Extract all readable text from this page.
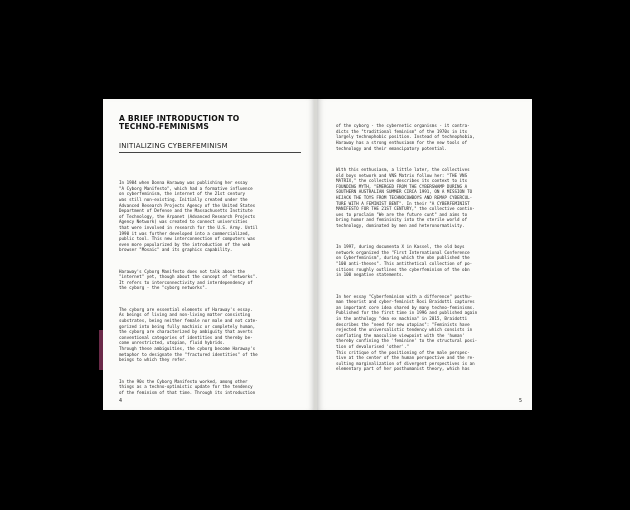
A BRIEF INTRODUCTION TO
TECHNO-FEMINISMS
INITIALIZING CYBERFEMINISM

In 1984 when Donna Haraway was publishing her essay
"A Cyborg Manifesto", which had a formative influence
on cyberfeminism, the internet of the 21st century
was still non-existing. Initially created under the
Advanced Research Projects Agency of the United States
Department of Defense and the Massachusetts Institute
of Technology, the Arpanet (Advanced Research Projects
Agency Network) was created to connect universities
that were involved in research for the U.S. Army. Until
1990 it was further developed into a commercialized,
public tool. This new interconnection of computers was
even more popularized by the introduction of the web
browser "Mosaic" and its graphics capability.

Haraway's Cyborg Manifesto does not talk about the
"internet" yet, though about the concept of "networks".
It refers to interconnectivity and interdependency of
the cyborg - the "cyborg networks".

The cyborg are essential elements of Haraway's essay.
As beings of living and non-living matter consisting
substrates, being neither female nor male and not cate-
gorized into being fully machinic or completely human,
the cyborg are characterized by ambiguity that averts
conventional categories of identities and thereby be-
come unrestricted, utopian, fluid hybrids.
Through these ambiguities, the cyborg become Haraway's
metaphor to designate the "fractured identities" of the
beings to which they refer.

In the 90s the Cyborg Manifesto worked, among other
things as a techno-optimistic update for the tendency
of the feminism of that time. Through its introduction

4

of the cyborg - the cybernetic organisms - it contra-
dicts the "traditional feminism" of the 1970s in its
largely technophobic position. Instead of technophobia,
Haraway has a strong enthusiasm for the new tools of
technology and their emancipatory potential.

With this enthusiasm, a little later, the collectives
old boys network and VNS Matrix follow her: "THE VNS
MATRIX," the collective describes its context to its
FOUNDING MYTH, "EMERGED FROM THE CYBERSWAMP DURING A
SOUTHERN AUSTRALIAN SUMMER CIRCA 1991, ON A MISSION TO
HIJACK THE TOYS FROM TECHNOCOWBOYS AND REMAP CYBERCUL-
TURE WITH A FEMINIST BENT". In their "A CYBERFEMINIST
MANIFESTO FOR THE 21ST CENTURY," the collective contin-
ues to proclaim "We are the future cunt" and aims to
bring humor and femininity into the sterile world of
technology, dominated by men and heteronormativity.

In 1997, during documenta X in Kassel, the old boys
network organized the "First International Conference
on Cyberfeminism", during which the obn published the
"100 anti-theses". This antithetical collection of po-
sitions roughly outlines the cyberfeminism of the obn
in 100 negative statements.

In her essay "Cyberfeminism with a difference" posthu-
man theorist and cyber-feminist Rosi Braidotti captures
an important core idea shared by many techno-feminisms.
Published for the first time in 1996 and published again
in the anthology "dea ex machina" in 2015, Braidotti
describes the "need for new utopias": "Feminists have
rejected the universalistic tendency which consists in
conflating the masculine viewpoint with the 'human'
thereby confining the 'feminine' to the structural posi-
tion of devalorised 'other'."
This critique of the positioning of the male perspec-
tive at the center of the human perspective and the re-
sulting marginalization of divergent perspectives is an
elementary part of her posthumanist theory, which has

5
